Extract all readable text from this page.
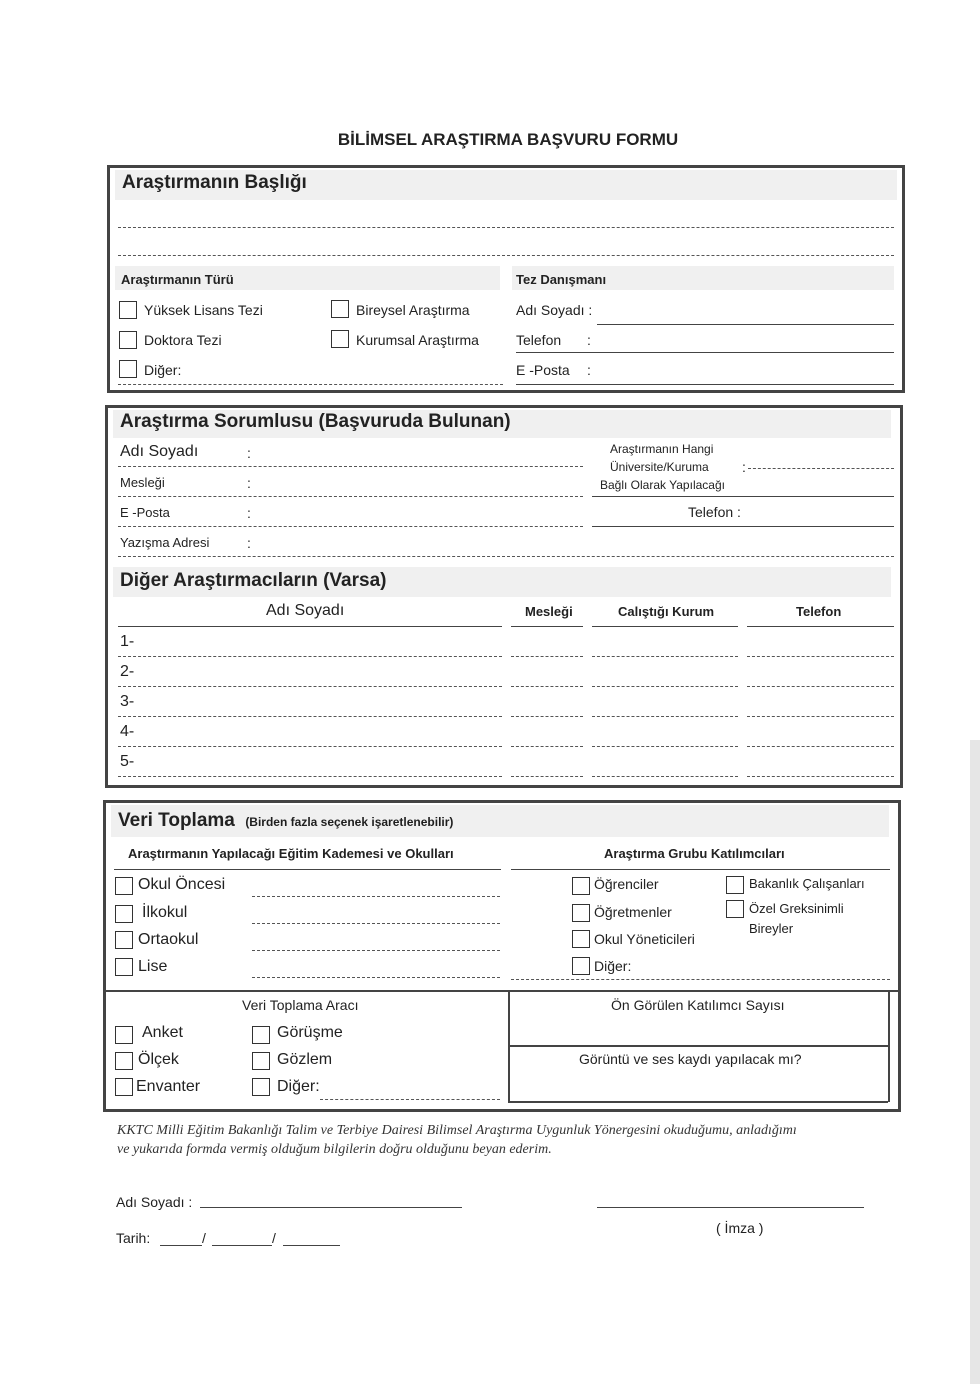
BİLİMSEL ARAŞTIRMA BAŞVURU FORMU
Araştırmanın Başlığı
Araştırmanın Türü	Tez Danışmanı
Yüksek Lisans Tezi	Bireysel Araştırma
Doktora Tezi	Kurumsal Araştırma
Diğer:
Adı Soyadı :
Telefon :
E -Posta :
Araştırma Sorumlusu (Başvuruda Bulunan)
Adı Soyadı	:
Mesleği	:
E -Posta	:
Yazışma Adresi	:
Araştırmanın Hangi
Üniversite/Kuruma
Bağlı Olarak Yapılacağı
:
Telefon :
Diğer Araştırmacıların (Varsa)
Adı Soyadı	Mesleği	Calıştığı Kurum	Telefon
1-
2-
3-
4-
5-
Veri Toplama (Birden fazla seçenek işaretlenebilir)
Araştırmanın Yapılacağı Eğitim Kademesi ve Okulları	Araştırma Grubu Katılımcıları
Okul Öncesi
İlkokul
Ortaokul
Lise
Öğrenciler
Öğretmenler
Okul Yöneticileri
Diğer:
Bakanlık Çalışanları
Özel Greksinimli
Bireyler
Veri Toplama Aracı	Ön Görülen Katılımcı Sayısı
Görüntü ve ses kaydı yapılacak mı?
Anket
Ölçek
Envanter
Görüşme
Gözlem
Diğer:
KKTC Milli Eğitim Bakanlığı Talim ve Terbiye Dairesi Bilimsel Araştırma Uygunluk Yönergesini okuduğumu, anladığımı
ve yukarıda formda vermiş olduğum bilgilerin doğru olduğunu beyan ederim.
Adı Soyadı :
( İmza )
Tarih:	/	/
